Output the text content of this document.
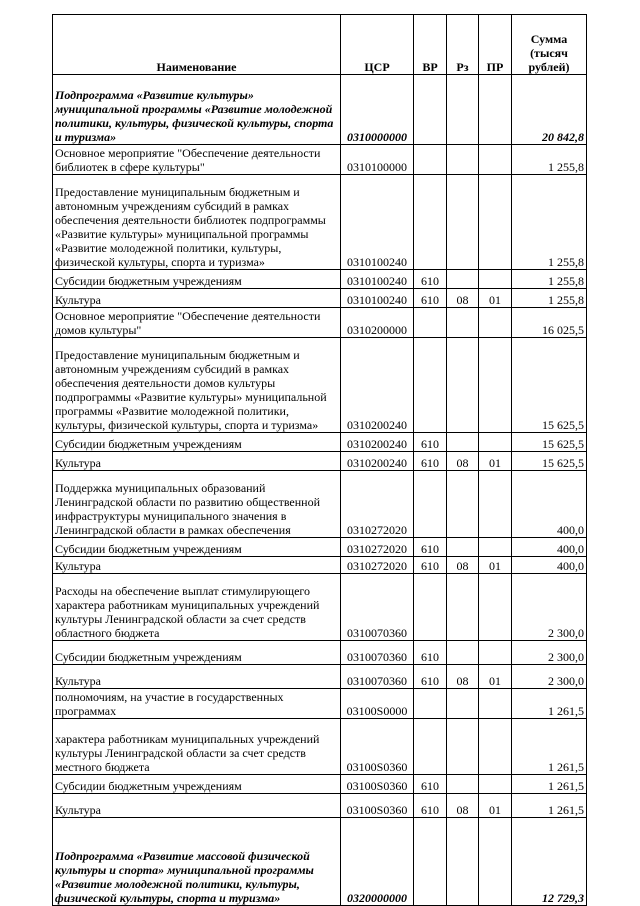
Наименование	ЦСР	ВР	Рз	ПР	Сумма (тысяч рублей)
Подпрограмма «Развитие культуры» муниципальной программы «Развитие молодежной политики, культуры, физической культуры, спорта и туризма»	0310000000				20 842,8
Основное мероприятие "Обеспечение деятельности библиотек в сфере культуры"	0310100000				1 255,8
Предоставление муниципальным бюджетным и автономным учреждениям субсидий в рамках обеспечения деятельности библиотек подпрограммы «Развитие культуры» муниципальной программы «Развитие молодежной политики, культуры, физической культуры, спорта и туризма»	0310100240				1 255,8
Субсидии бюджетным учреждениям	0310100240	610			1 255,8
Культура	0310100240	610	08	01	1 255,8
Основное мероприятие "Обеспечение деятельности домов культуры"	0310200000				16 025,5
Предоставление муниципальным бюджетным и автономным учреждениям субсидий в рамках обеспечения деятельности домов культуры подпрограммы «Развитие культуры» муниципальной программы «Развитие молодежной политики, культуры, физической культуры, спорта и туризма»	0310200240				15 625,5
Субсидии бюджетным учреждениям	0310200240	610			15 625,5
Культура	0310200240	610	08	01	15 625,5
Поддержка муниципальных образований Ленинградской области по развитию общественной инфраструктуры муниципального значения в Ленинградской области в рамках обеспечения	0310272020				400,0
Субсидии бюджетным учреждениям	0310272020	610			400,0
Культура	0310272020	610	08	01	400,0
Расходы на обеспечение выплат стимулирующего характера работникам муниципальных учреждений культуры Ленинградской области за счет средств областного бюджета	0310070360				2 300,0
Субсидии бюджетным учреждениям	0310070360	610			2 300,0
Культура	0310070360	610	08	01	2 300,0
полномочиям, на участие в государственных программах	03100S0000				1 261,5
характера работникам муниципальных учреждений культуры Ленинградской области за счет средств местного бюджета	03100S0360				1 261,5
Субсидии бюджетным учреждениям	03100S0360	610			1 261,5
Культура	03100S0360	610	08	01	1 261,5
Подпрограмма «Развитие массовой физической культуры и спорта» муниципальной программы «Развитие молодежной политики, культуры, физической культуры, спорта и туризма»	0320000000				12 729,3
